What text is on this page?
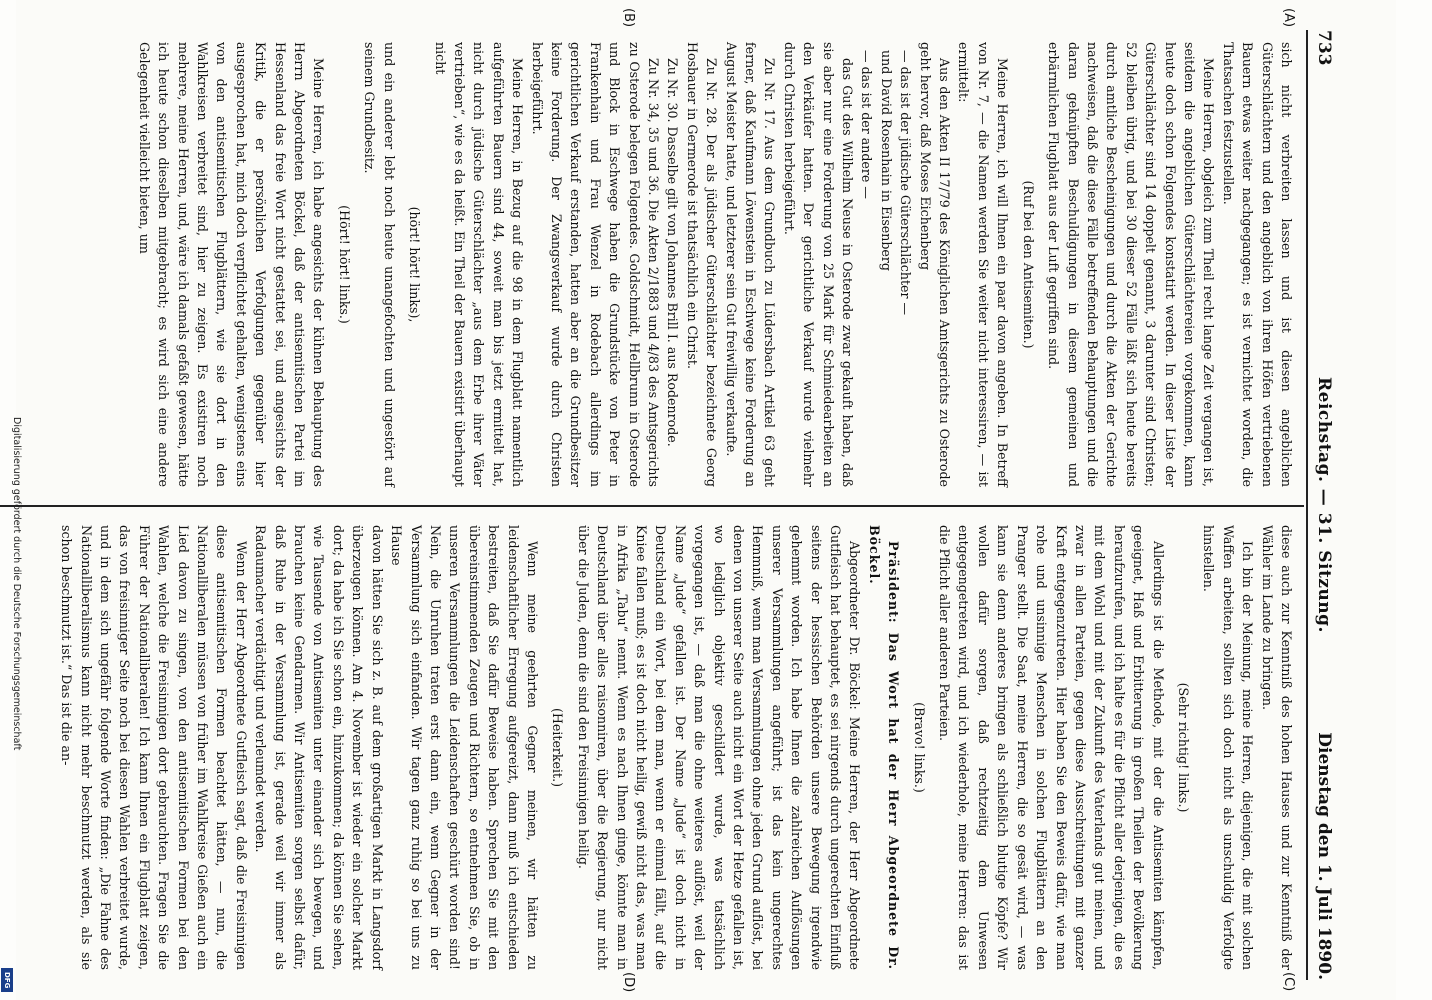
733
Reichstag. — 31. Sitzung.
Dienstag den 1. Juli 1890.
(A)
(B)
(C)
(D)

sich nicht verbreiten lassen und ist diesen angeblichen Güterschlächtern und den angeblich von ihren Höfen vertriebenen Bauern etwas weiter nachgegangen; es ist vernichtet worden, die Thatsachen festzustellen.

Meine Herren, obgleich zum Theil recht lange Zeit vergangen ist, seitdem die angeblichen Güterschlächtereien vorgekommen, kann heute doch schon Folgendes konstatirt werden. In dieser Liste der Güterschlächter sind 14 doppelt genannt, 3 darunter sind Christen; 52 bleiben übrig, und bei 30 dieser 52 Fälle läßt sich heute bereits durch amtliche Bescheinigungen und durch die Akten der Gerichte nachweisen, daß die diese Fälle betreffenden Behauptungen und die daran geknüpften Beschuldigungen in diesem gemeinen und erbärmlichen Flugblatt aus der Luft gegriffen sind.

(Ruf bei den Antisemiten.)

Meine Herren, ich will Ihnen ein paar davon angeben. In Betreff von Nr. 7, — die Namen werden Sie weiter nicht interessiren, — ist ermittelt:

Aus den Akten II 17/79 des Königlichen Amtsgerichts zu Osterode geht hervor, daß Moses Eichenberg

— das ist der jüdische Güterschlächter —

und David Rosenhain in Eisenberg

— das ist der andere —

das Gut des Wilhelm Neuse in Osterode zwar gekauft haben, daß sie aber nur eine Forderung von 25 Mark für Schmiedearbeiten an den Verkäufer hatten. Der gerichtliche Verkauf wurde vielmehr durch Christen herbeigeführt.

Zu Nr. 17. Aus dem Grundbuch zu Lüdersbach Artikel 63 geht ferner, daß Kaufmann Löwenstein in Eschwege keine Forderung an August Meister hatte, und letzterer sein Gut freiwillig verkaufte.

Zu Nr. 28. Der als jüdischer Güterschlächter bezeichnete Georg Hosbauer in Germerode ist thatsächlich ein Christ.

Zu Nr. 30. Dasselbe gilt von Johannes Brill I. aus Rodenrode.

Zu Nr. 34, 35 und 36. Die Akten 2/1883 und 4/83 des Amtsgerichts zu Osterode belegen Folgendes. Goldschmidt, Hellbrunn in Osterode und Block in Eschwege haben die Grundstücke von Peter in Frankenhain und Frau Wenzel in Rodebach allerdings im gerichtlichen Verkauf erstanden, hatten aber an die Grundbesitzer keine Forderung. Der Zwangsverkauf wurde durch Christen herbeigeführt.

Meine Herren, in Bezug auf die 98 in dem Flugblatt namentlich aufgeführten Bauern sind 44, soweit man bis jetzt ermittelt hat, nicht durch jüdische Güterschlächter „aus dem Erbe ihrer Väter vertrieben“, wie es da heißt. Ein Theil der Bauern existirt überhaupt nicht

(hört! hört! links),

und ein anderer lebt noch heute unangefochten und ungestört auf seinem Grundbesitz.

(Hört! hört! links.)

Meine Herren, ich habe angesichts der kühnen Behauptung des Herrn Abgeordneten Böckel, daß der antisemitischen Partei im Hessenland das freie Wort nicht gestattet sei, und angesichts der Kritik, die er persönlichen Verfolgungen gegenüber hier ausgesprochen hat, mich doch verpflichtet gehalten, wenigstens eins von den antisemitischen Flugblättern, wie sie dort in den Wahlkreisen verbreitet sind, hier zu zeigen. Es existiren noch mehrere, meine Herren, und, wäre ich damals gefaßt gewesen, hätte ich heute schon dieselben mitgebracht; es wird sich eine andere Gelegenheit vielleicht bieten, um

diese auch zur Kenntniß des hohen Hauses und zur Kenntniß der Wähler im Lande zu bringen.

Ich bin der Meinung, meine Herren, diejenigen, die mit solchen Waffen arbeiten, sollten sich doch nicht als unschuldig Verfolgte hinstellen.

(Sehr richtig! links.)

Allerdings ist die Methode, mit der die Antisemiten kämpfen, geeignet, Haß und Erbitterung in großen Theilen der Bevölkerung heraufzurufen, und ich halte es für die Pflicht aller derjenigen, die es mit dem Wohl und mit der Zukunft des Vaterlands gut meinen, und zwar in allen Parteien, gegen diese Ausschreitungen mit ganzer Kraft entgegenzutreten. Hier haben Sie den Beweis dafür, wie man rohe und unsinnige Menschen in solchen Flugblättern an den Pranger stellt. Die Saat, meine Herren, die so gesät wird, — was kann sie denn anderes bringen als schließlich blutige Köpfe? Wir wollen dafür sorgen, daß rechtzeitig dem Unwesen entgegengetreten wird, und ich wiederhole, meine Herren: das ist die Pflicht aller anderen Parteien.

(Bravo! links.)

Präsident: Das Wort hat der Herr Abgeordnete Dr. Böckel.

Abgeordneter Dr. Böckel: Meine Herren, der Herr Abgeordnete Gutfleisch hat behauptet, es sei nirgends durch ungerechten Einfluß seitens der hessischen Behörden unsere Bewegung irgendwie gehemmt worden. Ich habe Ihnen die zahlreichen Auflösungen unserer Versammlungen angeführt; ist das kein ungerechtes Hemmniß, wenn man Versammlungen ohne jeden Grund auflöst, bei denen von unserer Seite auch nicht ein Wort der Hetze gefallen ist, wo lediglich objektiv geschildert wurde, was tatsächlich vorgegangen ist, — daß man die ohne weiteres auflöst, weil der Name „Jude“ gefallen ist. Der Name „Jude“ ist doch nicht in Deutschland ein Wort, bei dem man, wenn er einmal fällt, auf die Kniee fallen muß; es ist doch nicht heilig, gewiß nicht das, was man in Afrika „Tabu“ nennt. Wenn es nach Ihnen ginge, könnte man in Deutschland über alles raisonniren, über die Regierung, nur nicht über die Juden, denn die sind den Freisinnigen heilig.

(Heiterkeit.)

Wenn meine geehrten Gegner meinen, wir hätten zu leidenschaftlicher Erregung aufgereizt, dann muß ich entschieden bestreiten, daß Sie dafür Beweise haben. Sprechen Sie mit den übereinstimmenden Zeugen und Richtern, so entnehmen Sie, ob in unseren Versammlungen die Leidenschaften geschürt worden sind! Nein, die Unruhen traten erst dann ein, wenn Gegner in der Versammlung sich einfanden. Wir tagen ganz ruhig so bei uns zu Hause

davon hätten Sie sich z. B. auf dem großartigen Markt in Langsdorf überzeugen können. Am 4. November ist wieder ein solcher Markt dort; da habe ich Sie schon ein, hinzukommen; da können Sie sehen, wie Tausende von Antisemiten unter einander sich bewegen, und brauchen keine Gendarmen. Wir Antisemiten sorgen selbst dafür, daß Ruhe in der Versammlung ist, gerade weil wir immer als Radaumacher verdächtigt und verleumdet werden.

Wenn der Herr Abgeordnete Gutfleisch sagt, daß die Freisinnigen diese antisemitischen Formen beachtet hätten, — nun, die Nationalliberalen müssen von früher im Wahlkreise Gießen auch ein Lied davon zu singen, von den antisemitischen Formen bei den Wahlen, welche die Freisinnigen dort gebrauchten. Fragen Sie die Führer der Nationalliberalen! Ich kann Ihnen ein Flugblatt zeigen, das von freisinniger Seite noch bei diesen Wahlen verbreitet wurde, und in dem sich ungefähr folgende Worte finden: „Die Fahne des Nationalliberalismus kann nicht mehr beschmutzt werden, als sie schon beschmutzt ist.“ Das ist die an-

Digitalisierung gefördert durch die Deutsche Forschungsgemeinschaft
DFG
